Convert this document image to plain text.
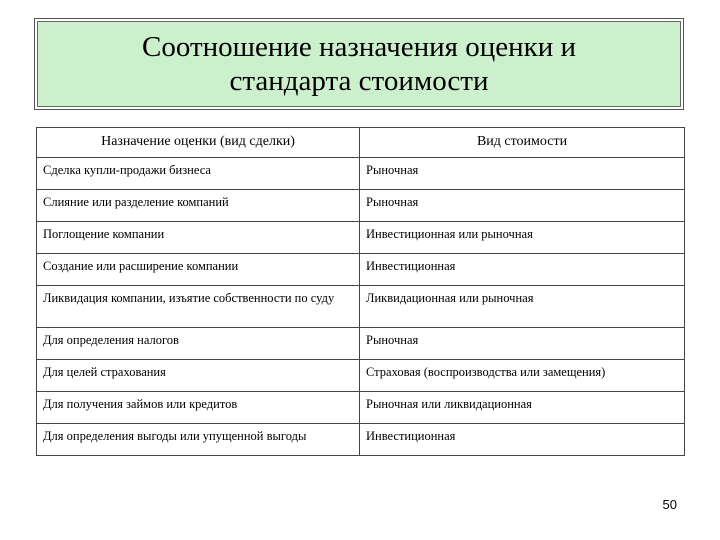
Соотношение назначения оценки и
стандарта стоимости
Назначение оценки (вид сделки)	Вид стоимости
Сделка купли-продажи бизнеса	Рыночная
Слияние или разделение компаний	Рыночная
Поглощение компании	Инвестиционная или рыночная
Создание или расширение компании	Инвестиционная
Ликвидация компании, изъятие собственности по суду	Ликвидационная или рыночная
Для определения налогов	Рыночная
Для целей страхования	Страховая (воспроизводства или замещения)
Для получения займов или кредитов	Рыночная или ликвидационная
Для определения выгоды или упущенной выгоды	Инвестиционная
50
